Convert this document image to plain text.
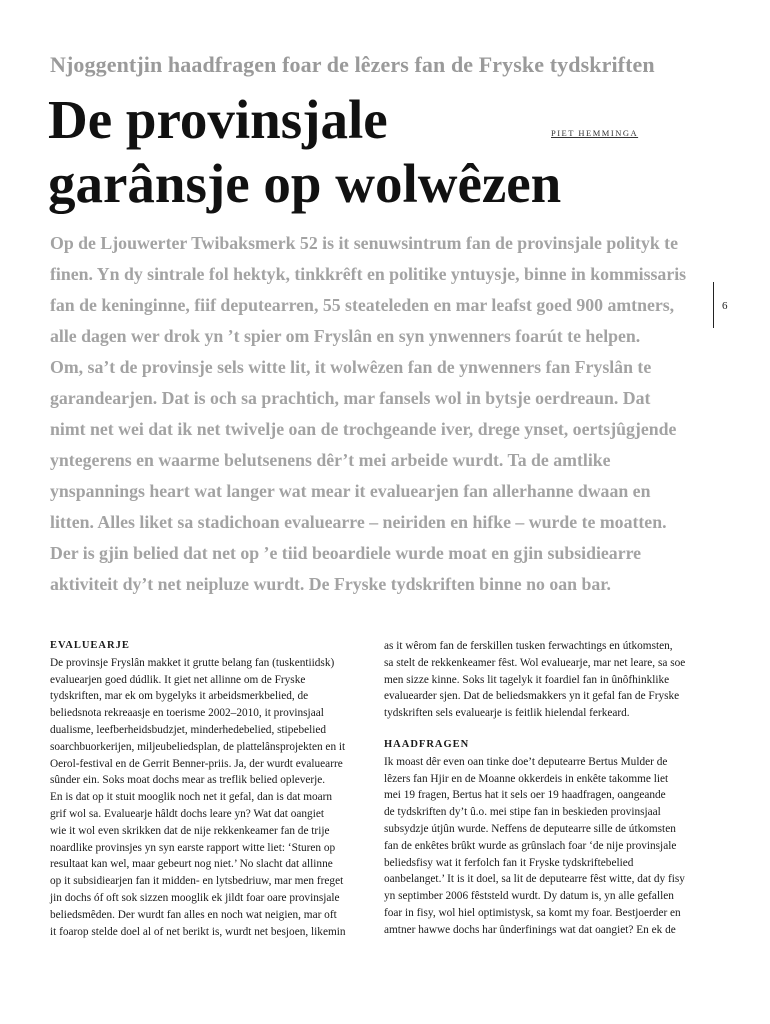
Njoggentjin haadfragen foar de lêzers fan de Fryske tydskriften
De provinsjale
garânsje op wolwêzen
PIET HEMMINGA
Op de Ljouwerter Twibaksmerk 52 is it senuwsintrum fan de provinsjale polityk te
finen. Yn dy sintrale fol hektyk, tinkkrêft en politike yntuysje, binne in kommissaris
fan de keninginne, fiif deputearren, 55 steateleden en mar leafst goed 900 amtners,
alle dagen wer drok yn ’t spier om Fryslân en syn ynwenners foarút te helpen.
Om, sa’t de provinsje sels witte lit, it wolwêzen fan de ynwenners fan Fryslân te
garandearjen. Dat is och sa prachtich, mar fansels wol in bytsje oerdreaun. Dat
nimt net wei dat ik net twivelje oan de trochgeande iver, drege ynset, oertsjûgjende
yntegerens en waarme belutsenens dêr’t mei arbeide wurdt. Ta de amtlike
ynspannings heart wat langer wat mear it evaluearjen fan allerhanne dwaan en
litten. Alles liket sa stadichoan evaluearre – neiriden en hifke – wurde te moatten.
Der is gjin belied dat net op ’e tiid beoardiele wurde moat en gjin subsidiearre
aktiviteit dy’t net neipluze wurdt. De Fryske tydskriften binne no oan bar.
6
EVALUEARJE
De provinsje Fryslân makket it grutte belang fan (tuskentiidsk)
evaluearjen goed dúdlik. It giet net allinne om de Fryske
tydskriften, mar ek om bygelyks it arbeidsmerkbelied, de
beliedsnota rekreaasje en toerisme 2002–2010, it provinsjaal
dualisme, leefberheidsbudzjet, minderhedebelied, stipebelied
soarchbuorkerijen, miljeubeliedsplan, de plattelânsprojekten en it
Oerol-festival en de Gerrit Benner-priis. Ja, der wurdt evaluearre
sûnder ein. Soks moat dochs mear as treflik belied opleverje.
En is dat op it stuit mooglik noch net it gefal, dan is dat moarn
grif wol sa. Evaluearje hâldt dochs leare yn? Wat dat oangiet
wie it wol even skrikken dat de nije rekkenkeamer fan de trije
noardlike provinsjes yn syn earste rapport witte liet: ‘Sturen op
resultaat kan wel, maar gebeurt nog niet.’ No slacht dat allinne
op it subsidiearjen fan it midden- en lytsbedriuw, mar men freget
jin dochs óf oft sok sizzen mooglik ek jildt foar oare provinsjale
beliedsmêden. Der wurdt fan alles en noch wat neigien, mar oft
it foarop stelde doel al of net berikt is, wurdt net besjoen, likemin
as it wêrom fan de ferskillen tusken ferwachtings en útkomsten,
sa stelt de rekkenkeamer fêst. Wol evaluearje, mar net leare, sa soe
men sizze kinne. Soks lit tagelyk it foardiel fan in ûnôfhinklike
evaluearder sjen. Dat de beliedsmakkers yn it gefal fan de Fryske
tydskriften sels evaluearje is feitlik hielendal ferkeard.
HAADFRAGEN
Ik moast dêr even oan tinke doe’t deputearre Bertus Mulder de
lêzers fan Hjir en de Moanne okkerdeis in enkête takomme liet
mei 19 fragen, Bertus hat it sels oer 19 haadfragen, oangeande
de tydskriften dy’t û.o. mei stipe fan in beskieden provinsjaal
subsydzje útjûn wurde. Neffens de deputearre sille de útkomsten
fan de enkêtes brûkt wurde as grûnslach foar ‘de nije provinsjale
beliedsfisy wat it ferfolch fan it Fryske tydskriftebelied
oanbelanget.’ It is it doel, sa lit de deputearre fêst witte, dat dy fisy
yn septimber 2006 fêststeld wurdt. Dy datum is, yn alle gefallen
foar in fisy, wol hiel optimistysk, sa komt my foar. Bestjoerder en
amtner hawwe dochs har ûnderfinings wat dat oangiet? En ek de
